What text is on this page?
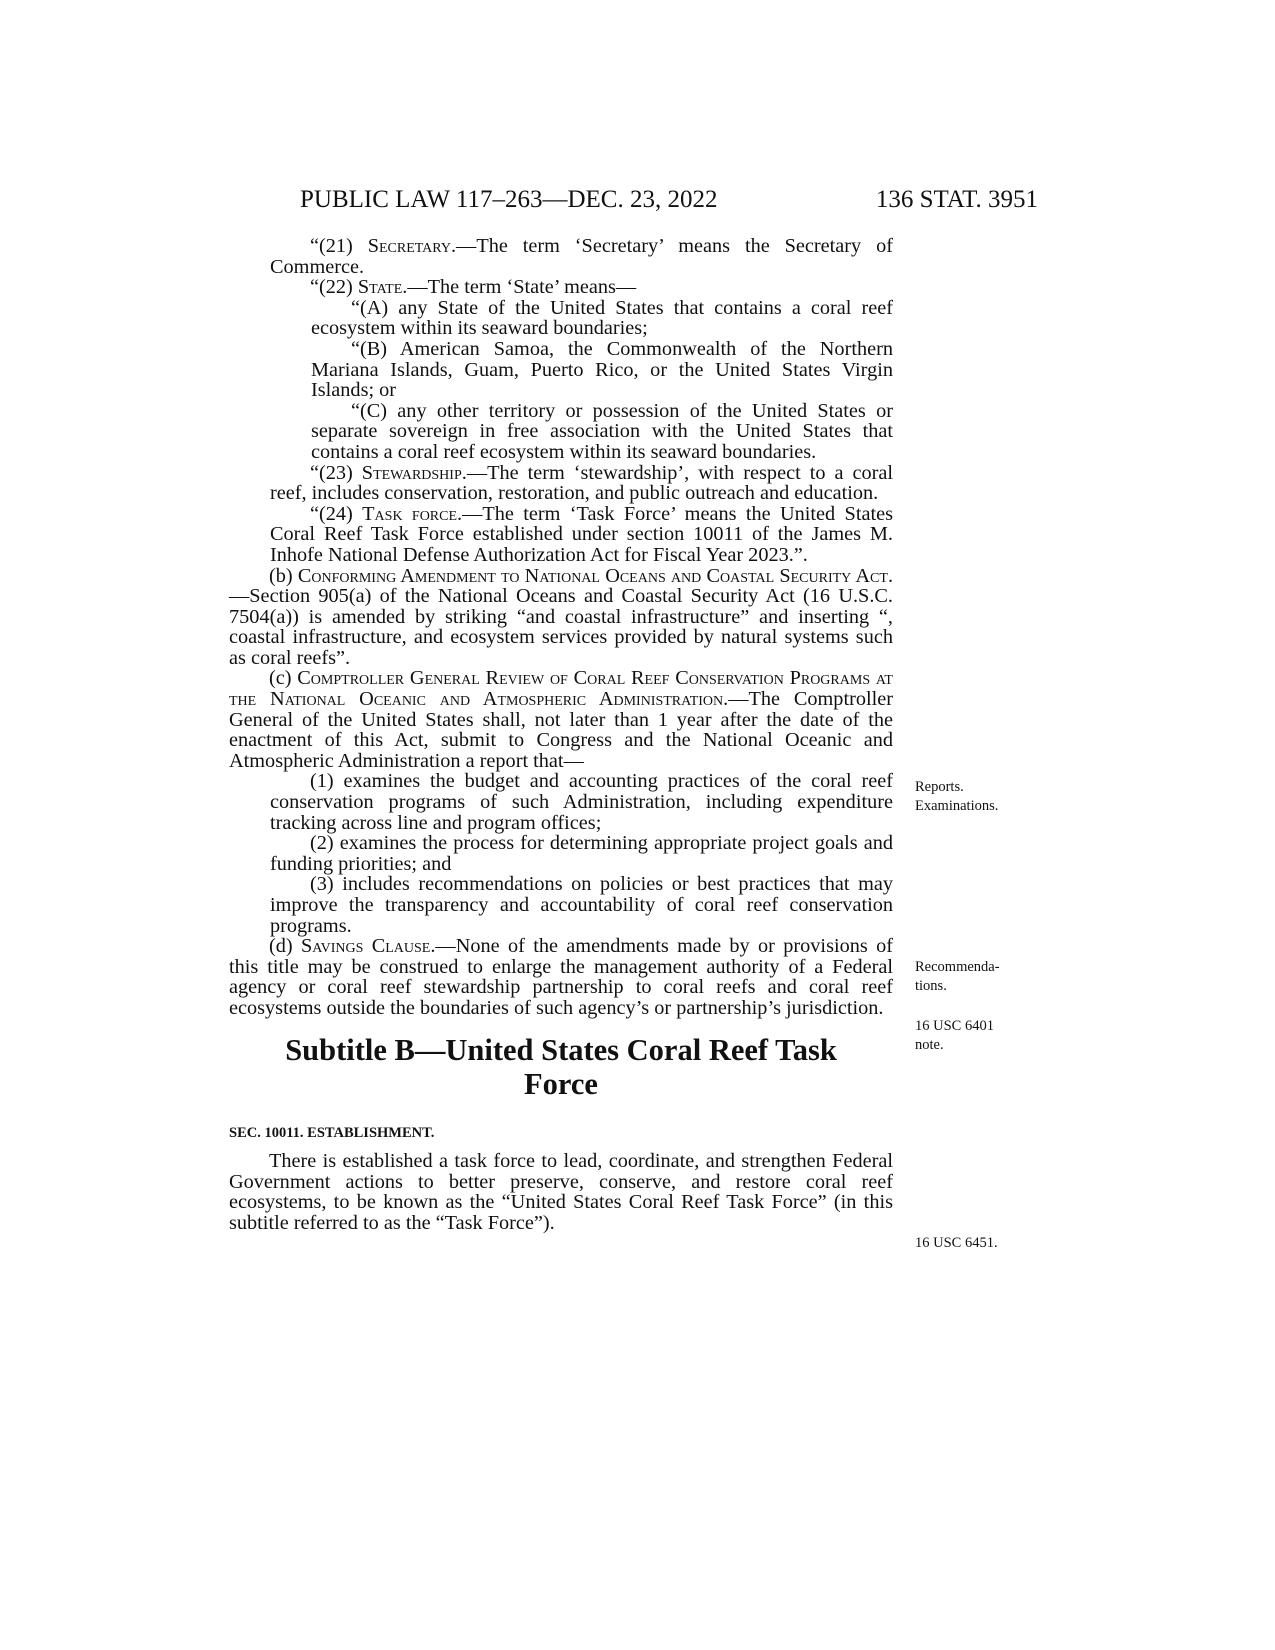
PUBLIC LAW 117–263—DEC. 23, 2022	136 STAT. 3951

“(21) Secretary.—The term ‘Secretary’ means the Secretary of Commerce.

“(22) State.—The term ‘State’ means—

“(A) any State of the United States that contains a coral reef ecosystem within its seaward boundaries;

“(B) American Samoa, the Commonwealth of the Northern Mariana Islands, Guam, Puerto Rico, or the United States Virgin Islands; or

“(C) any other territory or possession of the United States or separate sovereign in free association with the United States that contains a coral reef ecosystem within its seaward boundaries.

“(23) Stewardship.—The term ‘stewardship’, with respect to a coral reef, includes conservation, restoration, and public outreach and education.

“(24) Task force.—The term ‘Task Force’ means the United States Coral Reef Task Force established under section 10011 of the James M. Inhofe National Defense Authorization Act for Fiscal Year 2023.”.

(b) Conforming Amendment to National Oceans and Coastal Security Act.—Section 905(a) of the National Oceans and Coastal Security Act (16 U.S.C. 7504(a)) is amended by striking “and coastal infrastructure” and inserting “, coastal infrastructure, and ecosystem services provided by natural systems such as coral reefs”.

(c) Comptroller General Review of Coral Reef Conservation Programs at the National Oceanic and Atmospheric Administration.—The Comptroller General of the United States shall, not later than 1 year after the date of the enactment of this Act, submit to Congress and the National Oceanic and Atmospheric Administration a report that—

(1) examines the budget and accounting practices of the coral reef conservation programs of such Administration, including expenditure tracking across line and program offices;

(2) examines the process for determining appropriate project goals and funding priorities; and

(3) includes recommendations on policies or best practices that may improve the transparency and accountability of coral reef conservation programs.

(d) Savings Clause.—None of the amendments made by or provisions of this title may be construed to enlarge the management authority of a Federal agency or coral reef stewardship partnership to coral reefs and coral reef ecosystems outside the boundaries of such agency’s or partnership’s jurisdiction.

Subtitle B—United States Coral Reef Task Force
SEC. 10011. ESTABLISHMENT.

There is established a task force to lead, coordinate, and strengthen Federal Government actions to better preserve, conserve, and restore coral reef ecosystems, to be known as the “United States Coral Reef Task Force” (in this subtitle referred to as the “Task Force”).

Reports.
Examinations.
Recommenda-
tions.
16 USC 6401
note.
16 USC 6451.
